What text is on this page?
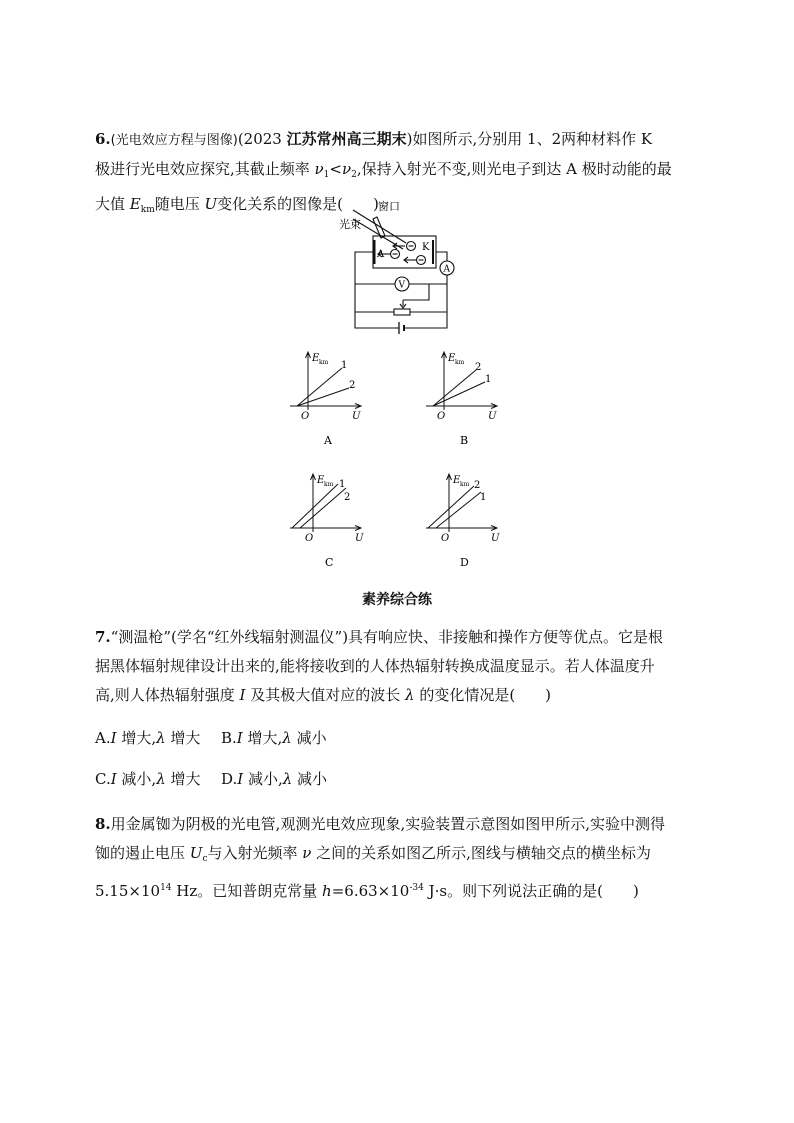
6.(光电效应方程与图像)(2023 江苏常州高三期末)如图所示,分别用 1、2两种材料作 K
极进行光电效应探究,其截止频率 $\nu_1<\nu_2$,保持入射光不变,则光电子到达 A 极时动能的最
大值 $E_{km}$随电压 U变化关系的图像是(　　) 窗口
光束
A
K
A
V
E km
O	U
1
2
A
E km
O	U
2
1
B
E km
O	U
1
2
C
E km
O	U
2
1
D
素养综合练
7.“测温枪”(学名“红外线辐射测温仪”)具有响应快、非接触和操作方便等优点。它是根
据黑体辐射规律设计出来的,能将接收到的人体热辐射转换成温度显示。若人体温度升
高,则人体热辐射强度 I 及其极大值对应的波长 λ 的变化情况是(　　)
A.I 增大,λ 增大 B.I 增大,λ 减小
C.I 减小,λ 增大 D.I 减小,λ 减小
8.用金属铷为阴极的光电管,观测光电效应现象,实验装置示意图如图甲所示,实验中测得
铷的遏止电压 $U_c$与入射光频率 ν 之间的关系如图乙所示,图线与横轴交点的横坐标为
$5.15\times 10^{14}$ Hz。已知普朗克常量 $h=6.63\times 10^{-34}$ J·s。则下列说法正确的是(　　)
